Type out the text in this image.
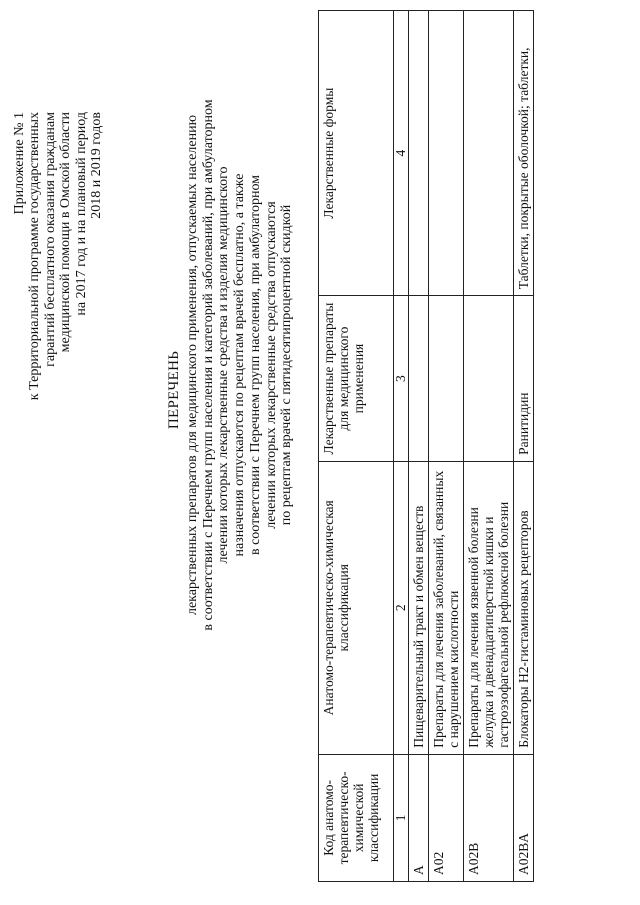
Приложение № 1 к Территориальной программе государственных гарантий бесплатного оказания гражданам медицинской помощи в Омской области на 2017 год и на плановый период 2018 и 2019 годов
ПЕРЕЧЕНЬ лекарственных препаратов для медицинского применения, отпускаемых населению в соответствии с Перечнем групп населения и категорий заболеваний, при амбулаторном лечении которых лекарственные средства и изделия медицинского назначения отпускаются по рецептам врачей бесплатно, а также в соответствии с Перечнем групп населения, при амбулаторном лечении которых лекарственные средства отпускаются по рецептам врачей с пятидесятипроцентной скидкой
Код анатомо-терапевтическо-химической классификации	Анатомо-терапевтическо-химическая классификация	Лекарственные препараты для медицинского применения	Лекарственные формы
1	2	3	4
A	Пищеварительный тракт и обмен веществ		
A02	Препараты для лечения заболеваний, связанных с нарушением кислотности		
A02B	Препараты для лечения язвенной болезни желудка и двенадцатиперстной кишки и гастроэзофагеальной рефлюксной болезни		
A02BA	Блокаторы H2-гистаминовых рецепторов	Ранитидин	Таблетки, покрытые оболочкой; таблетки,
